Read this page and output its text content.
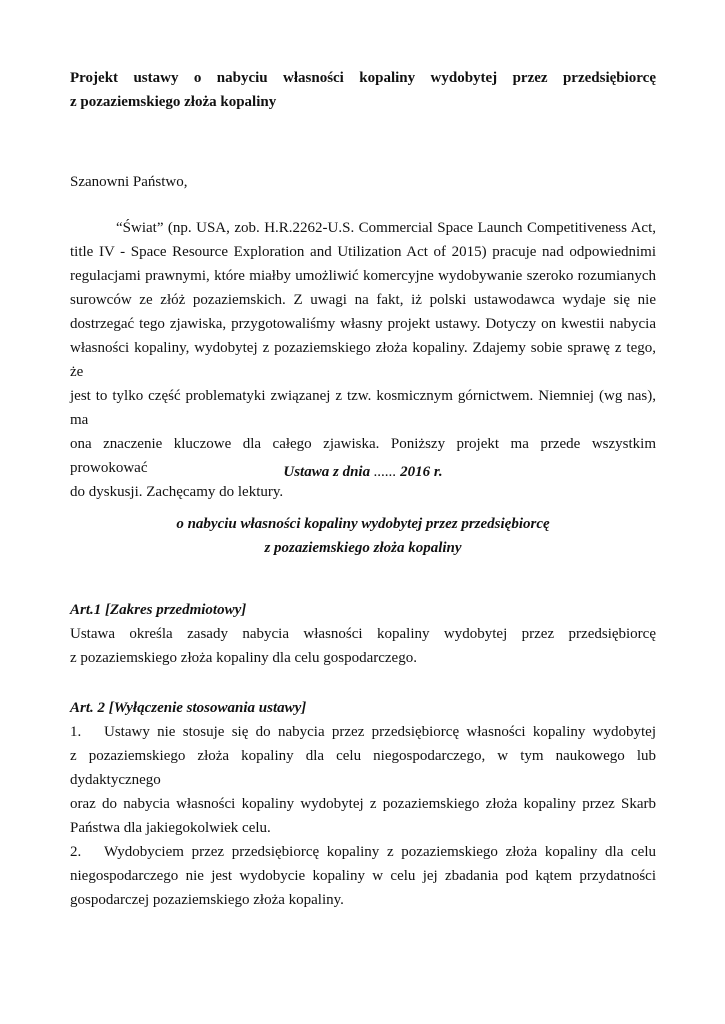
Projekt ustawy o nabyciu własności kopaliny wydobytej przez przedsiębiorcę
z pozaziemskiego złoża kopaliny
Szanowni Państwo,
“Świat” (np. USA, zob. H.R.2262-U.S. Commercial Space Launch Competitiveness Act,
title IV - Space Resource Exploration and Utilization Act of 2015) pracuje nad odpowiednimi
regulacjami prawnymi, które miałby umożliwić komercyjne wydobywanie szeroko rozumianych
surowców ze złóż pozaziemskich. Z uwagi na fakt, iż polski ustawodawca wydaje się nie
dostrzegać tego zjawiska, przygotowaliśmy własny projekt ustawy. Dotyczy on kwestii nabycia
własności kopaliny, wydobytej z pozaziemskiego złoża kopaliny. Zdajemy sobie sprawę z tego, że
jest to tylko część problematyki związanej z tzw. kosmicznym górnictwem. Niemniej (wg nas), ma
ona znaczenie kluczowe dla całego zjawiska. Poniższy projekt ma przede wszystkim prowokować
do dyskusji. Zachęcamy do lektury.
Ustawa z dnia ...... 2016 r.
o nabyciu własności kopaliny wydobytej przez przedsiębiorcę
z pozaziemskiego złoża kopaliny
Art.1 [Zakres przedmiotowy]
Ustawa określa zasady nabycia własności kopaliny wydobytej przez przedsiębiorcę
z pozaziemskiego złoża kopaliny dla celu gospodarczego.
Art. 2 [Wyłączenie stosowania ustawy]
1. Ustawy nie stosuje się do nabycia przez przedsiębiorcę własności kopaliny wydobytej
z pozaziemskiego złoża kopaliny dla celu niegospodarczego, w tym naukowego lub dydaktycznego
oraz do nabycia własności kopaliny wydobytej z pozaziemskiego złoża kopaliny przez Skarb
Państwa dla jakiegokolwiek celu.
2. Wydobyciem przez przedsiębiorcę kopaliny z pozaziemskiego złoża kopaliny dla celu
niegospodarczego nie jest wydobycie kopaliny w celu jej zbadania pod kątem przydatności
gospodarczej pozaziemskiego złoża kopaliny.
